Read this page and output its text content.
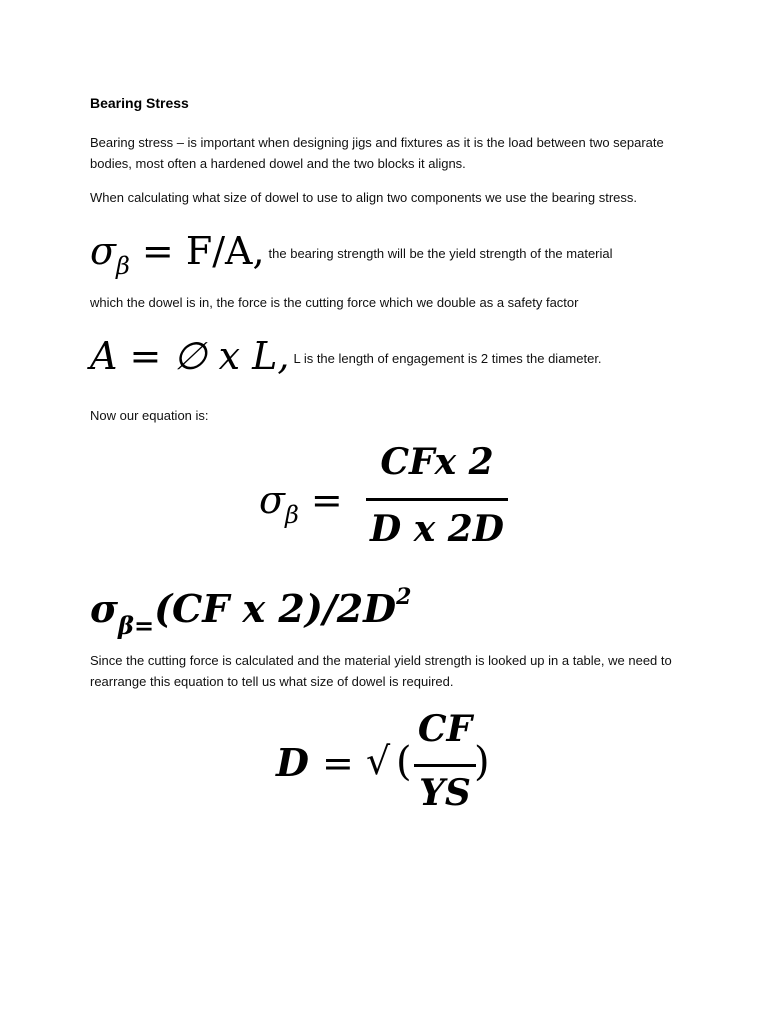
Bearing Stress
Bearing stress – is important when designing jigs and fixtures as it is the load between two separate bodies, most often a hardened dowel and the two blocks it aligns.
When calculating what size of dowel to use to align two components we use the bearing stress.
$\sigma_\beta = F/A$, the bearing strength will be the yield strength of the material
which the dowel is in, the force is the cutting force which we double as a safety factor
A = ∅ x L, L is the length of engagement is 2 times the diameter.
Now our equation is:
$\sigma_\beta$ =
CFx 2
D x 2D
$\sigma_{\beta=}(CF$ x $2)/2D^2$
Since the cutting force is calculated and the material yield strength is looked up in a table, we need to rearrange this equation to tell us what size of dowel is required.
D = √ (
CF
YS
)
